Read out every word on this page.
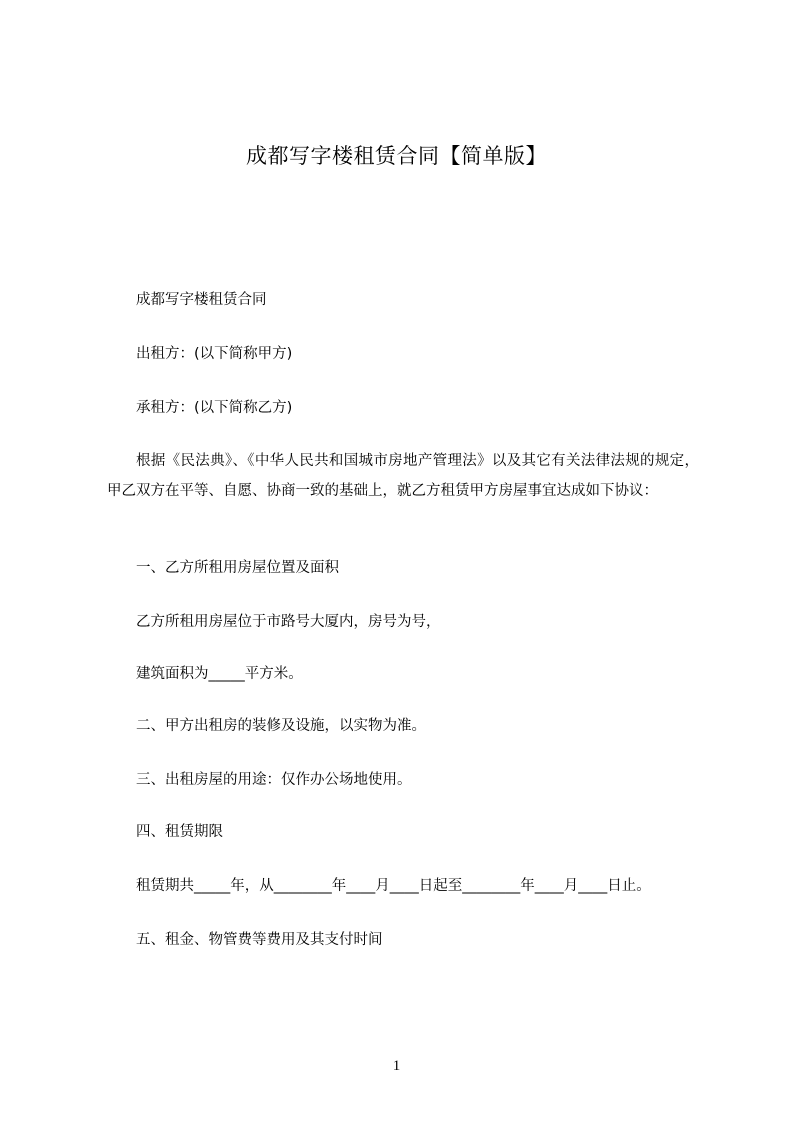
成都写字楼租赁合同【简单版】
成都写字楼租赁合同
出租方：(以下简称甲方)
承租方：(以下简称乙方)
根据《民法典》、《中华人民共和国城市房地产管理法》以及其它有关法律法规的规定，甲乙双方在平等、自愿、协商一致的基础上，就乙方租赁甲方房屋事宜达成如下协议：
一、乙方所租用房屋位置及面积
乙方所租用房屋位于市路号大厦内，房号为号，
建筑面积为_____平方米。
二、甲方出租房的装修及设施，以实物为准。
三、出租房屋的用途：仅作办公场地使用。
四、租赁期限
租赁期共_____年，从________年____月____日起至________年____月____日止。
五、租金、物管费等费用及其支付时间
1
